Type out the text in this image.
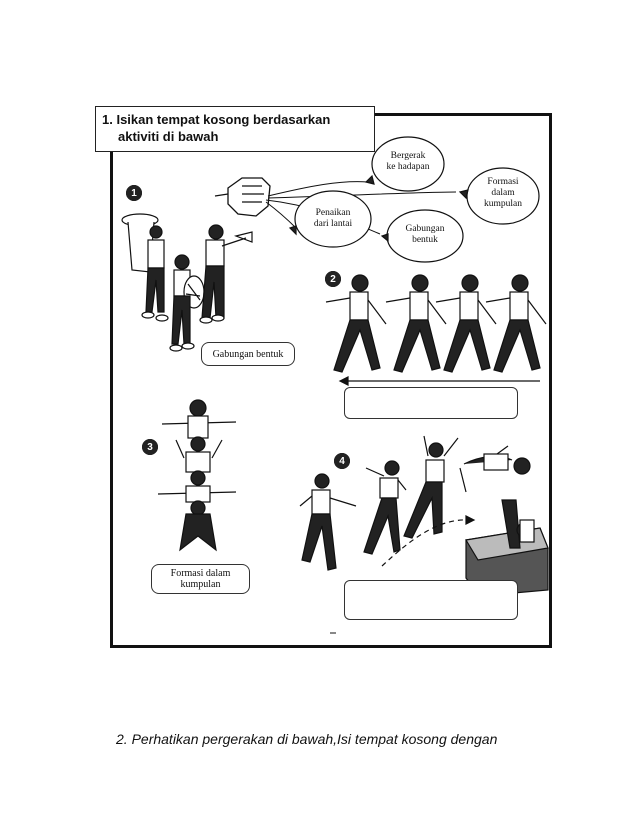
1. Isikan tempat kosong berdasarkan
aktiviti di bawah
1
2
3
4
Bergerak
ke hadapan
Formasi
dalam
kumpulan
Penaikan
dari lantai	Gabungan
bentuk
Gabungan bentuk
Formasi dalam
kumpulan
2. Perhatikan pergerakan di bawah,Isi tempat kosong dengan
